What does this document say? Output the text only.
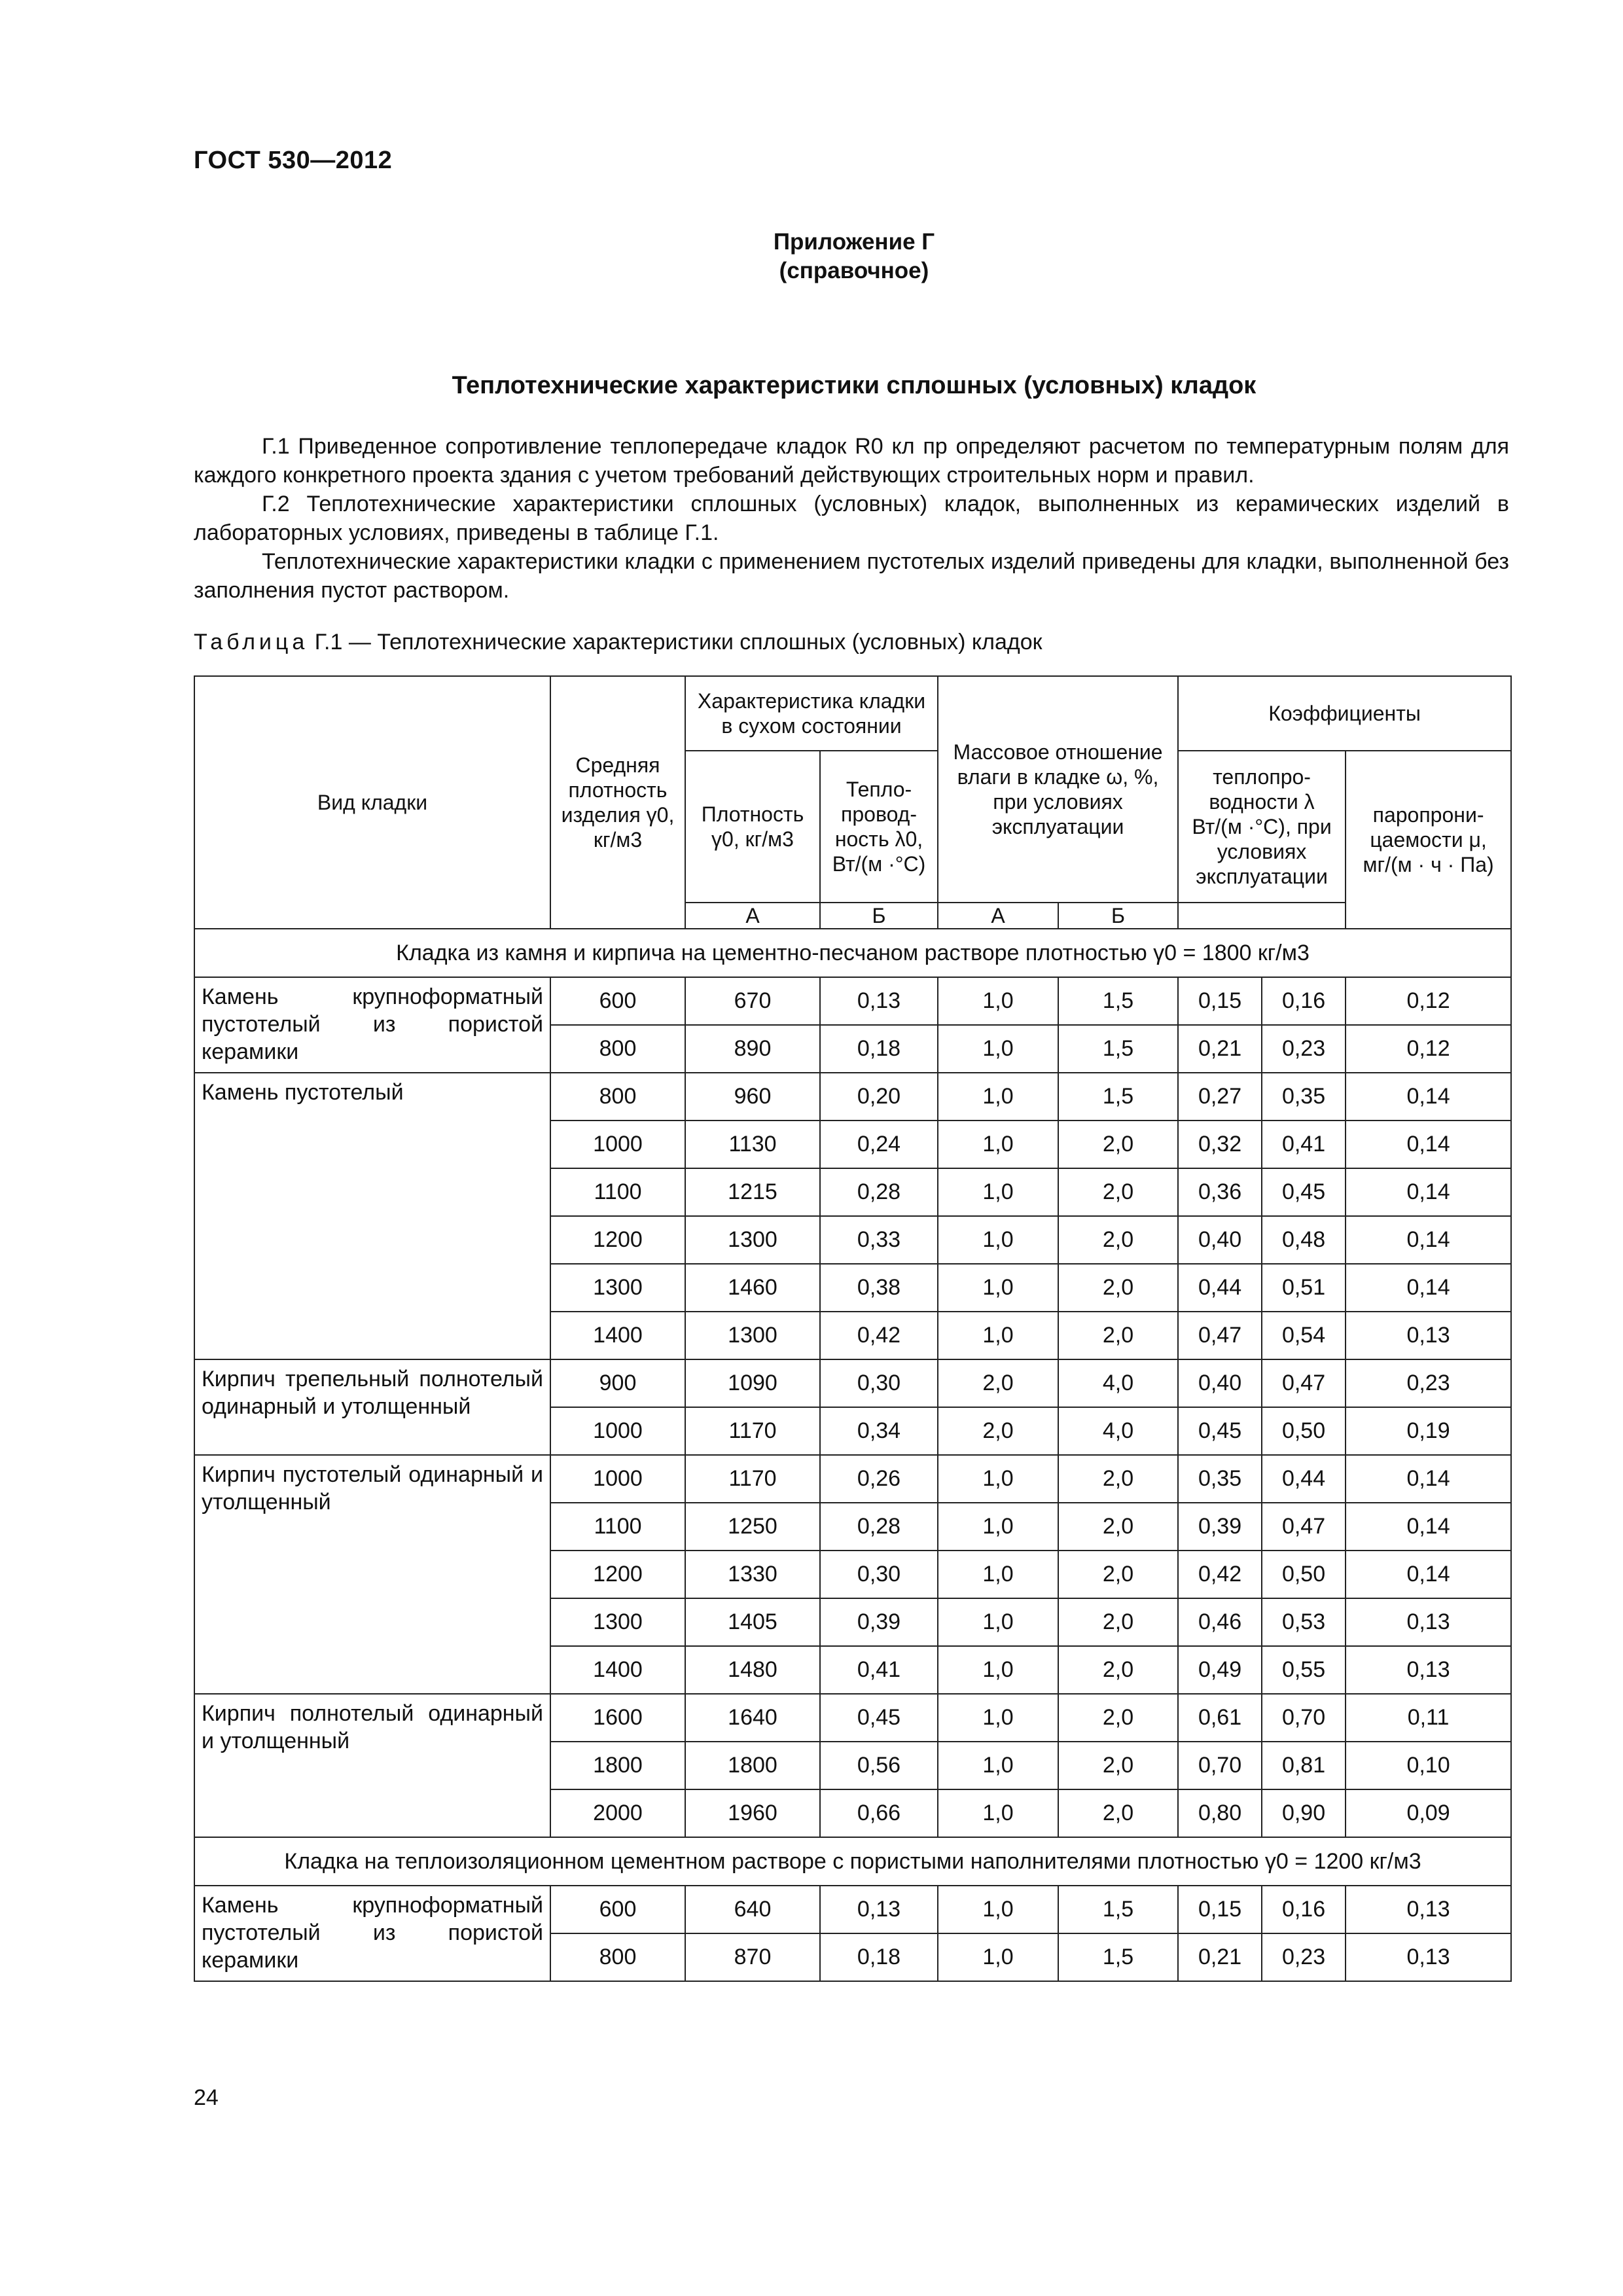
ГОСТ 530—2012
Приложение Г
(справочное)
Теплотехнические характеристики сплошных (условных) кладок

Г.1 Приведенное сопротивление теплопередаче кладок R0 кл пр определяют расчетом по температурным полям для каждого конкретного проекта здания с учетом требований действующих строительных норм и правил.

Г.2 Теплотехнические характеристики сплошных (условных) кладок, выполненных из керамических изделий в лабораторных условиях, приведены в таблице Г.1.

Теплотехнические характеристики кладки с применением пустотелых изделий приведены для кладки, выполненной без заполнения пустот раствором.

Таблица Г.1 — Теплотехнические характеристики сплошных (условных) кладок
Вид кладки	Средняя плотность изделия γ0, кг/м3	Характеристика кладки в сухом состоянии		Массовое отношение влаги в кладке ω, %, при условиях эксплуатации		Коэффициенты		
		Плотность γ0, кг/м3	Тепло-провод-ность λ0, Вт/(м ·°С)			теплопро-водности λ Вт/(м ·°С), при условиях эксплуатации		паропрони-цаемости μ, мг/(м · ч · Па)
		А	Б	А	Б			
Кладка из камня и кирпича на цементно-песчаном растворе плотностью γ0 = 1800 кг/м3								
Камень крупноформатный пустотелый из пористой керамики	600	670	0,13	1,0	1,5	0,15	0,16	0,12
	800	890	0,18	1,0	1,5	0,21	0,23	0,12
Камень пустотелый	800	960	0,20	1,0	1,5	0,27	0,35	0,14
	1000	1130	0,24	1,0	2,0	0,32	0,41	0,14
	1100	1215	0,28	1,0	2,0	0,36	0,45	0,14
	1200	1300	0,33	1,0	2,0	0,40	0,48	0,14
	1300	1460	0,38	1,0	2,0	0,44	0,51	0,14
	1400	1300	0,42	1,0	2,0	0,47	0,54	0,13
Кирпич трепельный полнотелый одинарный и утолщенный	900	1090	0,30	2,0	4,0	0,40	0,47	0,23
	1000	1170	0,34	2,0	4,0	0,45	0,50	0,19
Кирпич пустотелый одинарный и утолщенный	1000	1170	0,26	1,0	2,0	0,35	0,44	0,14
	1100	1250	0,28	1,0	2,0	0,39	0,47	0,14
	1200	1330	0,30	1,0	2,0	0,42	0,50	0,14
	1300	1405	0,39	1,0	2,0	0,46	0,53	0,13
	1400	1480	0,41	1,0	2,0	0,49	0,55	0,13
Кирпич полнотелый одинарный и утолщенный	1600	1640	0,45	1,0	2,0	0,61	0,70	0,11
	1800	1800	0,56	1,0	2,0	0,70	0,81	0,10
	2000	1960	0,66	1,0	2,0	0,80	0,90	0,09
Кладка на теплоизоляционном цементном растворе с пористыми наполнителями плотностью γ0 = 1200 кг/м3								
Камень крупноформатный пустотелый из пористой керамики	600	640	0,13	1,0	1,5	0,15	0,16	0,13
	800	870	0,18	1,0	1,5	0,21	0,23	0,13
24
